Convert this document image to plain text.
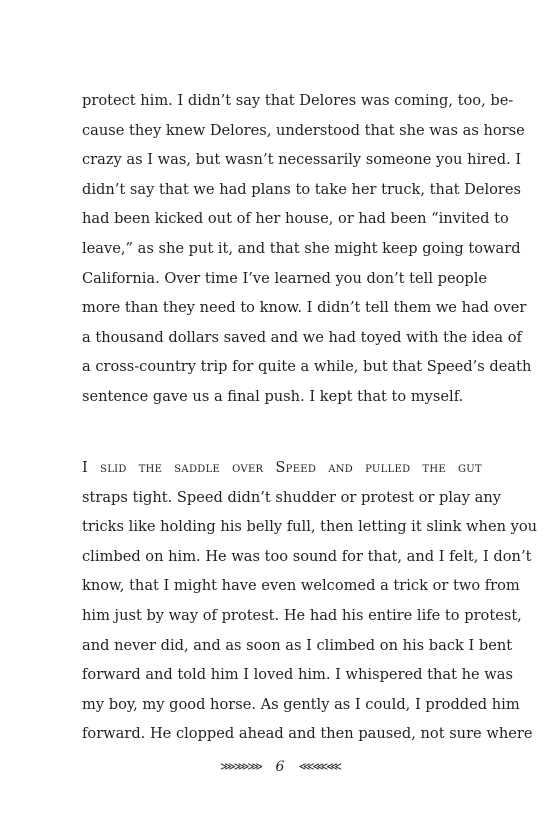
protect him. I didn’t say that Delores was coming, too, be-
cause they knew Delores, understood that she was as horse
crazy as I was, but wasn’t necessarily someone you hired. I
didn’t say that we had plans to take her truck, that Delores
had been kicked out of her house, or had been “invited to
leave,” as she put it, and that she might keep going toward
California. Over time I’ve learned you don’t tell people
more than they need to know. I didn’t tell them we had over
a thousand dollars saved and we had toyed with the idea of
a cross-country trip for quite a while, but that Speed’s death
sentence gave us a final push. I kept that to myself.
I slid the saddle over Speed and pulled the gut
straps tight. Speed didn’t shudder or protest or play any
tricks like holding his belly full, then letting it slink when you
climbed on him. He was too sound for that, and I felt, I don’t
know, that I might have even welcomed a trick or two from
him just by way of protest. He had his entire life to protest,
and never did, and as soon as I climbed on his back I bent
forward and told him I loved him. I whispered that he was
my boy, my good horse. As gently as I could, I prodded him
forward. He clopped ahead and then paused, not sure where
⋙⋙⋙ 6 ⋘⋘⋘
